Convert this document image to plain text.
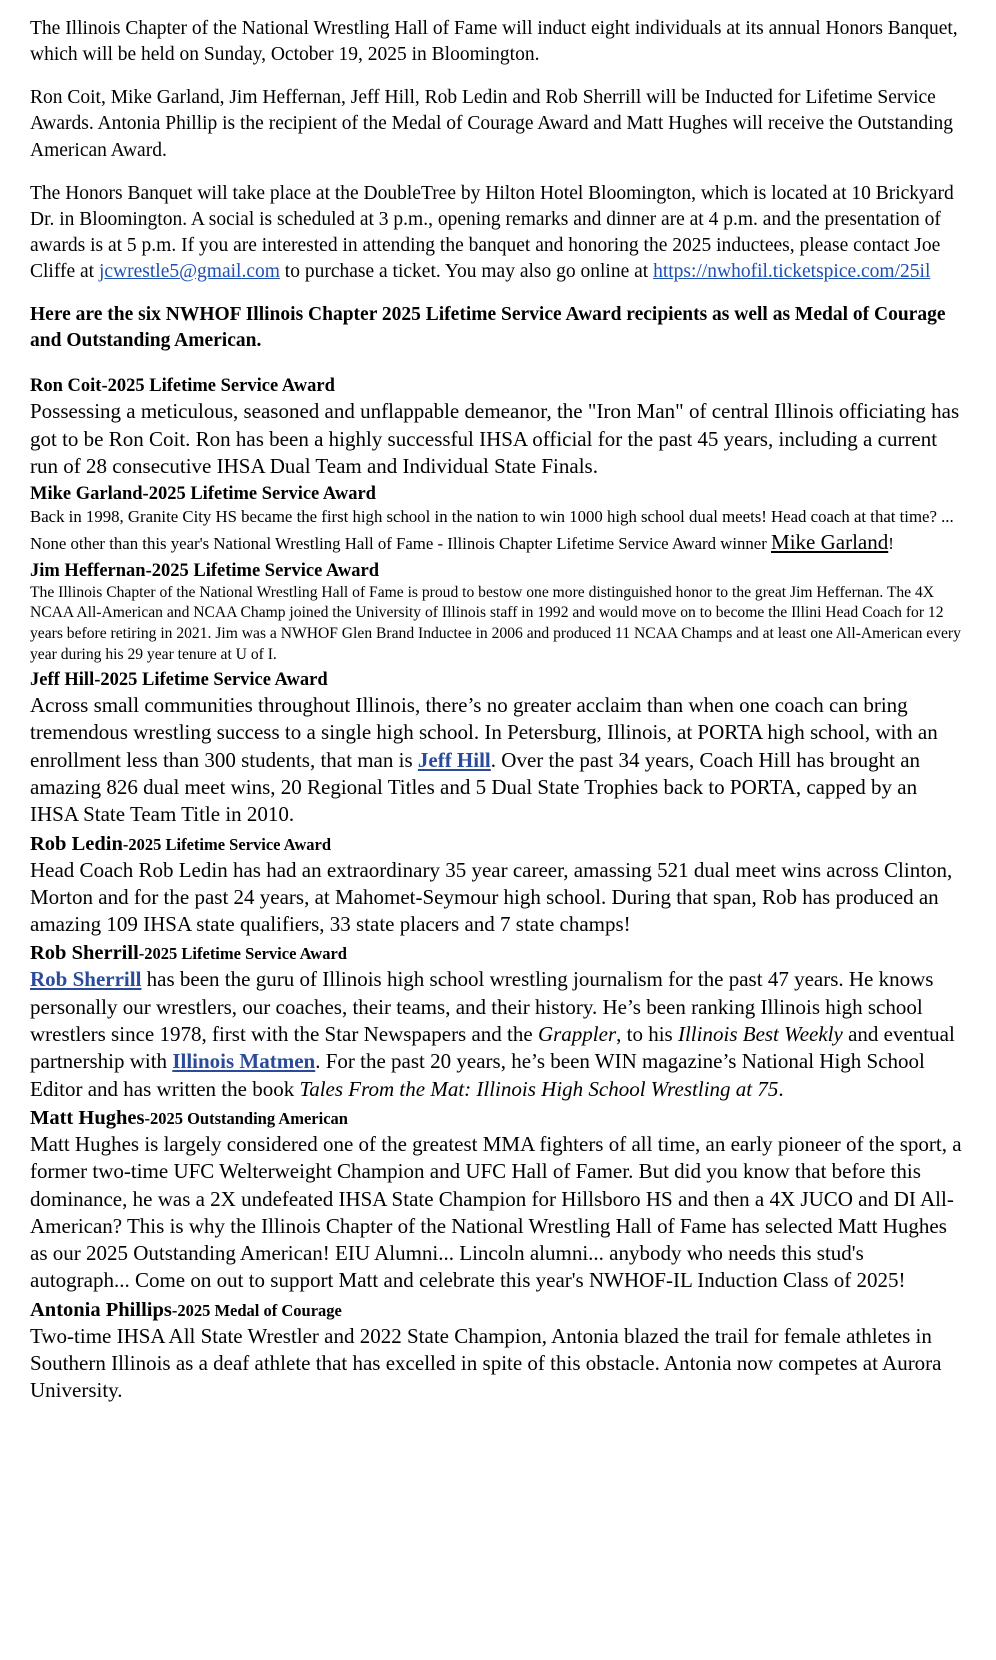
The Illinois Chapter of the National Wrestling Hall of Fame will induct eight individuals at its annual Honors Banquet, which will be held on Sunday, October 19, 2025 in Bloomington.

Ron Coit, Mike Garland, Jim Heffernan, Jeff Hill, Rob Ledin and Rob Sherrill will be Inducted for Lifetime Service Awards. Antonia Phillip is the recipient of the Medal of Courage Award and Matt Hughes will receive the Outstanding American Award.

The Honors Banquet will take place at the DoubleTree by Hilton Hotel Bloomington, which is located at 10 Brickyard Dr. in Bloomington. A social is scheduled at 3 p.m., opening remarks and dinner are at 4 p.m. and the presentation of awards is at 5 p.m. If you are interested in attending the banquet and honoring the 2025 inductees, please contact Joe Cliffe at jcwrestle5@gmail.com to purchase a ticket. You may also go online at https://nwhofil.ticketspice.com/25il

Here are the six NWHOF Illinois Chapter 2025 Lifetime Service Award recipients as well as Medal of Courage and Outstanding American.

Ron Coit-2025 Lifetime Service Award

Possessing a meticulous, seasoned and unflappable demeanor, the "Iron Man" of central Illinois officiating has got to be Ron Coit. Ron has been a highly successful IHSA official for the past 45 years, including a current run of 28 consecutive IHSA Dual Team and Individual State Finals.

Mike Garland-2025 Lifetime Service Award

Back in 1998, Granite City HS became the first high school in the nation to win 1000 high school dual meets! Head coach at that time? ... None other than this year's National Wrestling Hall of Fame - Illinois Chapter Lifetime Service Award winner Mike Garland!

Jim Heffernan-2025 Lifetime Service Award

The Illinois Chapter of the National Wrestling Hall of Fame is proud to bestow one more distinguished honor to the great Jim Heffernan. The 4X NCAA All-American and NCAA Champ joined the University of Illinois staff in 1992 and would move on to become the Illini Head Coach for 12 years before retiring in 2021. Jim was a NWHOF Glen Brand Inductee in 2006 and produced 11 NCAA Champs and at least one All-American every year during his 29 year tenure at U of I.

Jeff Hill-2025 Lifetime Service Award

Across small communities throughout Illinois, there’s no greater acclaim than when one coach can bring tremendous wrestling success to a single high school. In Petersburg, Illinois, at PORTA high school, with an enrollment less than 300 students, that man is Jeff Hill. Over the past 34 years, Coach Hill has brought an amazing 826 dual meet wins, 20 Regional Titles and 5 Dual State Trophies back to PORTA, capped by an IHSA State Team Title in 2010.

Rob Ledin-2025 Lifetime Service Award

Head Coach Rob Ledin has had an extraordinary 35 year career, amassing 521 dual meet wins across Clinton, Morton and for the past 24 years, at Mahomet-Seymour high school. During that span, Rob has produced an amazing 109 IHSA state qualifiers, 33 state placers and 7 state champs!

Rob Sherrill-2025 Lifetime Service Award

Rob Sherrill has been the guru of Illinois high school wrestling journalism for the past 47 years. He knows personally our wrestlers, our coaches, their teams, and their history. He’s been ranking Illinois high school wrestlers since 1978, first with the Star Newspapers and the Grappler, to his Illinois Best Weekly and eventual partnership with Illinois Matmen. For the past 20 years, he’s been WIN magazine’s National High School Editor and has written the book Tales From the Mat: Illinois High School Wrestling at 75.

Matt Hughes-2025 Outstanding American

Matt Hughes is largely considered one of the greatest MMA fighters of all time, an early pioneer of the sport, a former two-time UFC Welterweight Champion and UFC Hall of Famer. But did you know that before this dominance, he was a 2X undefeated IHSA State Champion for Hillsboro HS and then a 4X JUCO and DI All-American? This is why the Illinois Chapter of the National Wrestling Hall of Fame has selected Matt Hughes as our 2025 Outstanding American! EIU Alumni... Lincoln alumni... anybody who needs this stud's autograph... Come on out to support Matt and celebrate this year's NWHOF-IL Induction Class of 2025!

Antonia Phillips-2025 Medal of Courage

Two-time IHSA All State Wrestler and 2022 State Champion, Antonia blazed the trail for female athletes in Southern Illinois as a deaf athlete that has excelled in spite of this obstacle. Antonia now competes at Aurora University.
